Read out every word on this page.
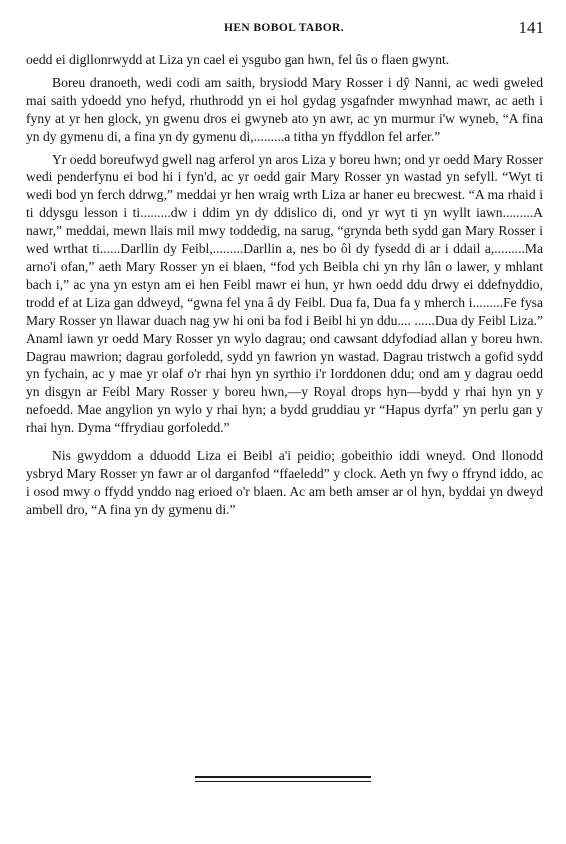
HEN BOBOL TABOR.	141

oedd ei digllonrwydd at Liza yn cael ei ysgubo gan hwn, fel ûs o flaen gwynt.

Boreu dranoeth, wedi codi am saith, brysiodd Mary Rosser i dŷ Nanni, ac wedi gweled mai saith ydoedd yno hefyd, rhuthrodd yn ei hol gydag ysgafnder mwynhad mawr, ac aeth i fyny at yr hen glock, yn gwenu dros ei gwyneb ato yn awr, ac yn murmur i'w wyneb, “A fina yn dy gymenu di, a fina yn dy gymenu di,.........a titha yn ffyddlon fel arfer.”

Yr oedd boreufwyd gwell nag arferol yn aros Liza y boreu hwn; ond yr oedd Mary Rosser wedi penderfynu ei bod hi i fyn'd, ac yr oedd gair Mary Rosser yn wastad yn sefyll. “Wyt ti wedi bod yn ferch ddrwg,” meddai yr hen wraig wrth Liza ar haner eu brecwest. “A ma rhaid i ti ddysgu lesson i ti.........dw i ddim yn dy ddislico di, ond yr wyt ti yn wyllt iawn.........A nawr,” meddai, mewn llais mil mwy toddedig, na sarug, “grynda beth sydd gan Mary Rosser i wed wrthat ti......Darllin dy Feibl,.........Darllin a, nes bo ôl dy fysedd di ar i ddail a,.........Ma arno'i ofan,” aeth Mary Rosser yn ei blaen, “fod ych Beibla chi yn rhy lân o lawer, y mhlant bach i,” ac yna yn estyn am ei hen Feibl mawr ei hun, yr hwn oedd ddu drwy ei ddefnyddio, trodd ef at Liza gan ddweyd, “gwna fel yna â dy Feibl. Dua fa, Dua fa y mherch i.........Fe fysa Mary Rosser yn llawar duach nag yw hi oni ba fod i Beibl hi yn ddu.... ......Dua dy Feibl Liza.” Anaml iawn yr oedd Mary Rosser yn wylo dagrau; ond cawsant ddyfodiad allan y boreu hwn. Dagrau mawrion; dagrau gorfoledd, sydd yn fawrion yn wastad. Dagrau tristwch a gofid sydd yn fychain, ac y mae yr olaf o'r rhai hyn yn syrthio i'r Iorddonen ddu; ond am y dagrau oedd yn disgyn ar Feibl Mary Rosser y boreu hwn,—y Royal drops hyn—bydd y rhai hyn yn y nefoedd. Mae angylion yn wylo y rhai hyn; a bydd gruddiau yr “Hapus dyrfa” yn perlu gan y rhai hyn. Dyma “ffrydiau gorfoledd.”

Nis gwyddom a dduodd Liza ei Beibl a'i peidio; gobeithio iddi wneyd. Ond llonodd ysbryd Mary Rosser yn fawr ar ol darganfod “ffaeledd” y clock. Aeth yn fwy o ffrynd iddo, ac i osod mwy o ffydd ynddo nag erioed o'r blaen. Ac am beth amser ar ol hyn, byddai yn dweyd ambell dro, “A fina yn dy gymenu di.”
